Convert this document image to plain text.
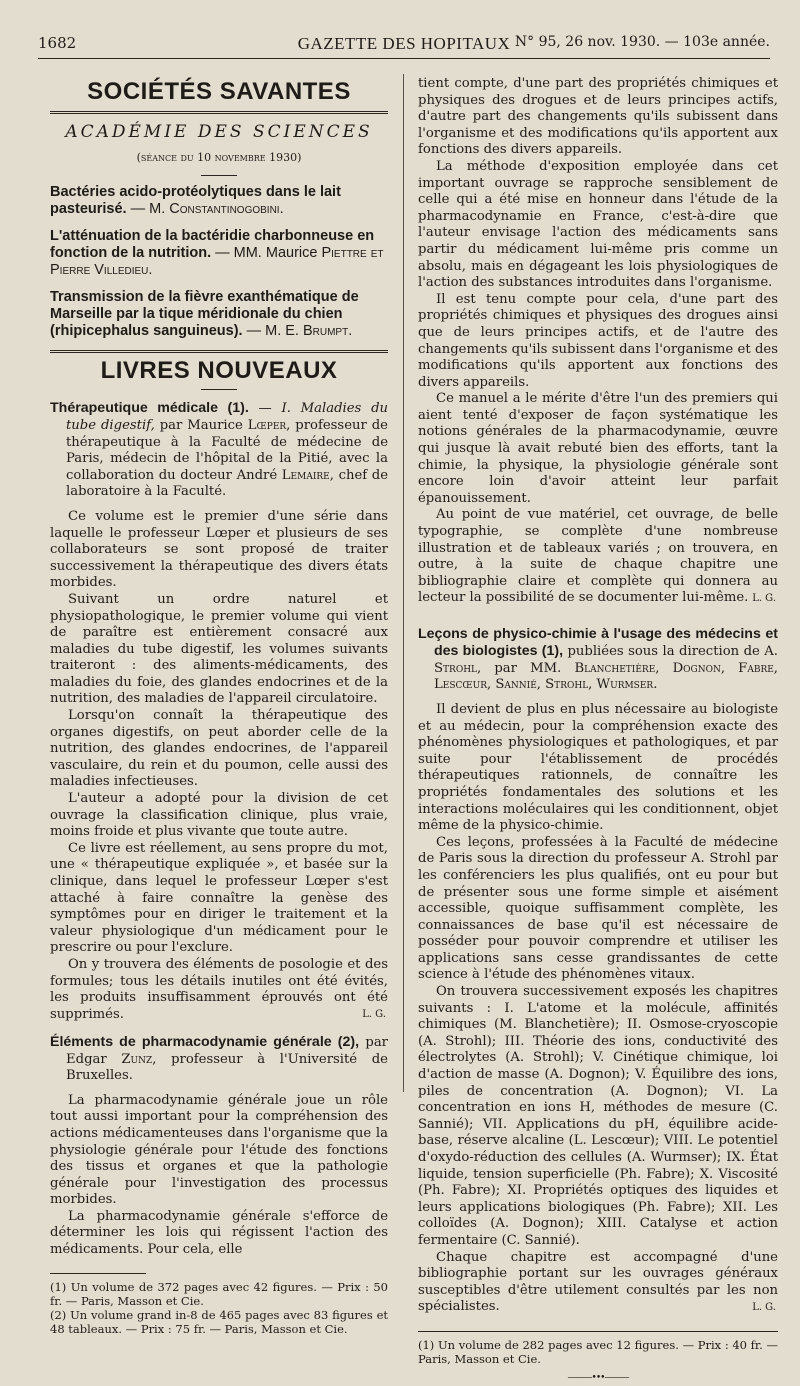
1682	GAZETTE DES HOPITAUX N° 95, 26 nov. 1930. — 103e année.
SOCIÉTÉS SAVANTES
ACADÉMIE DES SCIENCES
(séance du 10 novembre 1930)

Bactéries acido-protéolytiques dans le lait pasteurisé. — M. Constantinogobini.

L'atténuation de la bactéridie charbonneuse en fonction de la nutrition. — MM. Maurice Piettre et Pierre Villedieu.

Transmission de la fièvre exanthématique de Marseille par la tique méridionale du chien (rhipicephalus sanguineus). — M. E. Brumpt.

LIVRES NOUVEAUX

Thérapeutique médicale (1). — I. Maladies du tube digestif, par Maurice Lœper, professeur de thérapeutique à la Faculté de médecine de Paris, médecin de l'hôpital de la Pitié, avec la collaboration du docteur André Lemaire, chef de laboratoire à la Faculté.

Ce volume est le premier d'une série dans laquelle le professeur Lœper et plusieurs de ses collaborateurs se sont proposé de traiter successivement la thérapeutique des divers états morbides.

Suivant un ordre naturel et physiopathologique, le premier volume qui vient de paraître est entièrement consacré aux maladies du tube digestif, les volumes suivants traiteront : des aliments-médicaments, des maladies du foie, des glandes endocrines et de la nutrition, des maladies de l'appareil circulatoire.

Lorsqu'on connaît la thérapeutique des organes digestifs, on peut aborder celle de la nutrition, des glandes endocrines, de l'appareil vasculaire, du rein et du poumon, celle aussi des maladies infectieuses.

L'auteur a adopté pour la division de cet ouvrage la classification clinique, plus vraie, moins froide et plus vivante que toute autre.

Ce livre est réellement, au sens propre du mot, une « thérapeutique expliquée », et basée sur la clinique, dans lequel le professeur Lœper s'est attaché à faire connaître la genèse des symptômes pour en diriger le traitement et la valeur physiologique d'un médicament pour le prescrire ou pour l'exclure.

On y trouvera des éléments de posologie et des formules; tous les détails inutiles ont été évités, les produits insuffisamment éprouvés ont été supprimés.	L. G.

Éléments de pharmacodynamie générale (2), par Edgar Zunz, professeur à l'Université de Bruxelles.

La pharmacodynamie générale joue un rôle tout aussi important pour la compréhension des actions médicamenteuses dans l'organisme que la physiologie générale pour l'étude des fonctions des tissus et organes et que la pathologie générale pour l'investigation des processus morbides.

La pharmacodynamie générale s'efforce de déterminer les lois qui régissent l'action des médicaments. Pour cela, elle

(1) Un volume de 372 pages avec 42 figures. — Prix : 50 fr. — Paris, Masson et Cie.

(2) Un volume grand in-8 de 465 pages avec 83 figures et 48 tableaux. — Prix : 75 fr. — Paris, Masson et Cie.

tient compte, d'une part des propriétés chimiques et physiques des drogues et de leurs principes actifs, d'autre part des changements qu'ils subissent dans l'organisme et des modifications qu'ils apportent aux fonctions des divers appareils.

La méthode d'exposition employée dans cet important ouvrage se rapproche sensiblement de celle qui a été mise en honneur dans l'étude de la pharmacodynamie en France, c'est-à-dire que l'auteur envisage l'action des médicaments sans partir du médicament lui-même pris comme un absolu, mais en dégageant les lois physiologiques de l'action des substances introduites dans l'organisme.

Il est tenu compte pour cela, d'une part des propriétés chimiques et physiques des drogues ainsi que de leurs principes actifs, et de l'autre des changements qu'ils subissent dans l'organisme et des modifications qu'ils apportent aux fonctions des divers appareils.

Ce manuel a le mérite d'être l'un des premiers qui aient tenté d'exposer de façon systématique les notions générales de la pharmacodynamie, œuvre qui jusque là avait rebuté bien des efforts, tant la chimie, la physique, la physiologie générale sont encore loin d'avoir atteint leur parfait épanouissement.

Au point de vue matériel, cet ouvrage, de belle typographie, se complète d'une nombreuse illustration et de tableaux variés ; on trouvera, en outre, à la suite de chaque chapitre une bibliographie claire et complète qui donnera au lecteur la possibilité de se documenter lui-même. L. G.

Leçons de physico-chimie à l'usage des médecins et des biologistes (1), publiées sous la direction de A. Strohl, par MM. Blanchetière, Dognon, Fabre, Lescœur, Sannié, Strohl, Wurmser.

Il devient de plus en plus nécessaire au biologiste et au médecin, pour la compréhension exacte des phénomènes physiologiques et pathologiques, et par suite pour l'établissement de procédés thérapeutiques rationnels, de connaître les propriétés fondamentales des solutions et les interactions moléculaires qui les conditionnent, objet même de la physico-chimie.

Ces leçons, professées à la Faculté de médecine de Paris sous la direction du professeur A. Strohl par les conférenciers les plus qualifiés, ont eu pour but de présenter sous une forme simple et aisément accessible, quoique suffisamment complète, les connaissances de base qu'il est nécessaire de posséder pour pouvoir comprendre et utiliser les applications sans cesse grandissantes de cette science à l'étude des phénomènes vitaux.

On trouvera successivement exposés les chapitres suivants : I. L'atome et la molécule, affinités chimiques (M. Blanchetière); II. Osmose-cryoscopie (A. Strohl); III. Théorie des ions, conductivité des électrolytes (A. Strohl); V. Cinétique chimique, loi d'action de masse (A. Dognon); V. Équilibre des ions, piles de concentration (A. Dognon); VI. La concentration en ions H, méthodes de mesure (C. Sannié); VII. Applications du pH, équilibre acide-base, réserve alcaline (L. Lescœur); VIII. Le potentiel d'oxydo-réduction des cellules (A. Wurmser); IX. État liquide, tension superficielle (Ph. Fabre); X. Viscosité (Ph. Fabre); XI. Propriétés optiques des liquides et leurs applications biologiques (Ph. Fabre); XII. Les colloïdes (A. Dognon); XIII. Catalyse et action fermentaire (C. Sannié).

Chaque chapitre est accompagné d'une bibliographie portant sur les ouvrages généraux susceptibles d'être utilement consultés par les non spécialistes.	L. G.

(1) Un volume de 282 pages avec 12 figures. — Prix : 40 fr. — Paris, Masson et Cie.

———•••———
